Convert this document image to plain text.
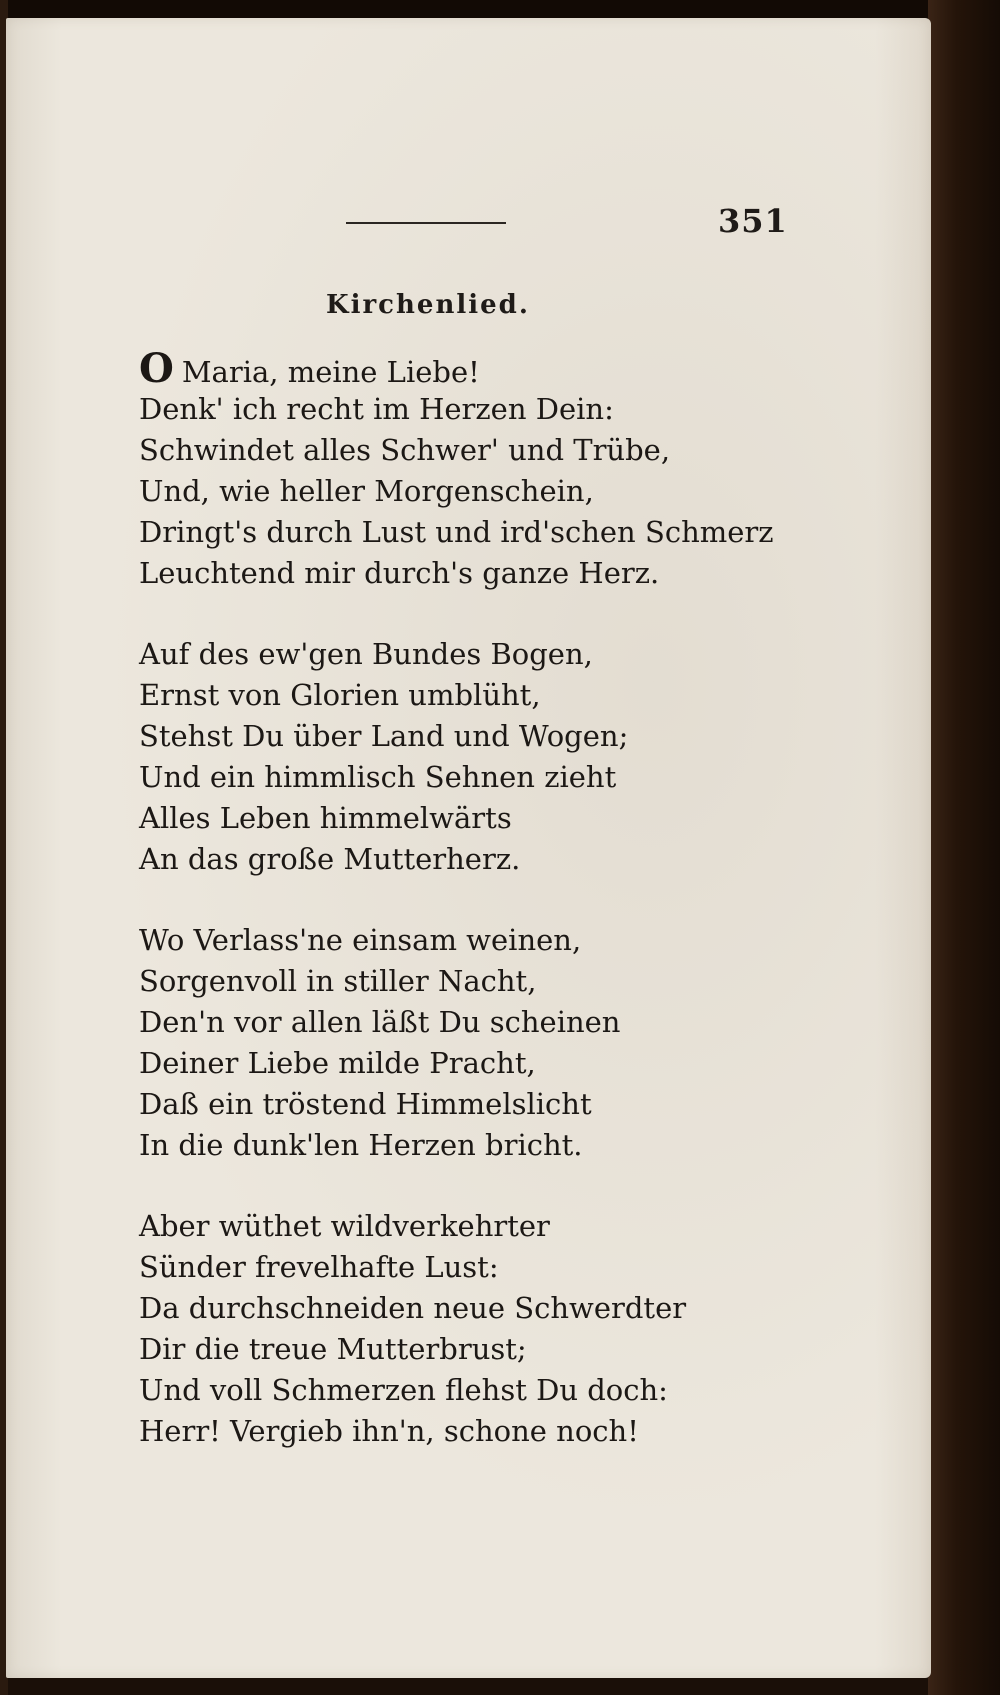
351
Kirchenlied.
O Maria, meine Liebe!
Denk' ich recht im Herzen Dein:
Schwindet alles Schwer' und Trübe,
Und, wie heller Morgenschein,
Dringt's durch Lust und ird'schen Schmerz
Leuchtend mir durch's ganze Herz.
Auf des ew'gen Bundes Bogen,
Ernst von Glorien umblüht,
Stehst Du über Land und Wogen;
Und ein himmlisch Sehnen zieht
Alles Leben himmelwärts
An das große Mutterherz.
Wo Verlass'ne einsam weinen,
Sorgenvoll in stiller Nacht,
Den'n vor allen läßt Du scheinen
Deiner Liebe milde Pracht,
Daß ein tröstend Himmelslicht
In die dunk'len Herzen bricht.
Aber wüthet wildverkehrter
Sünder frevelhafte Lust:
Da durchschneiden neue Schwerdter
Dir die treue Mutterbrust;
Und voll Schmerzen flehst Du doch:
Herr! Vergieb ihn'n, schone noch!
